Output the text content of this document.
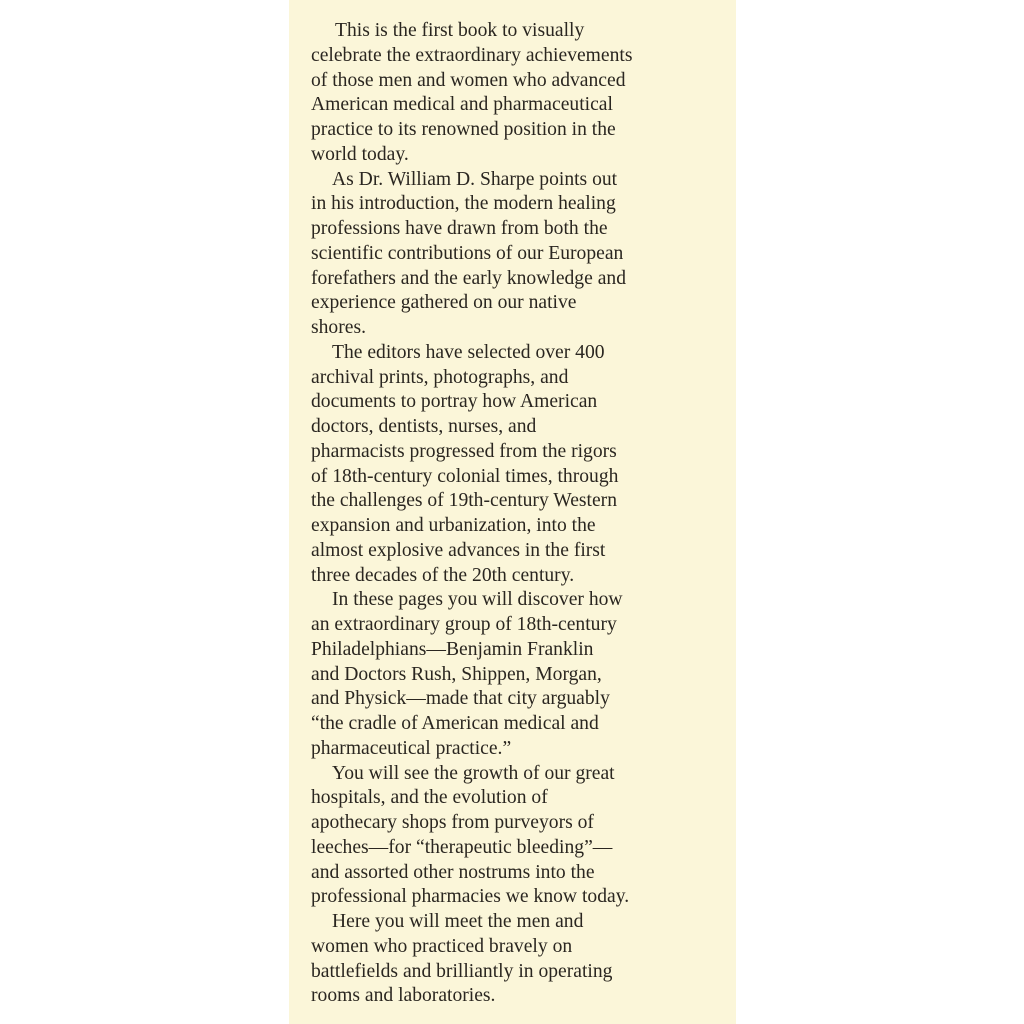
This is the first book to visually
celebrate the extraordinary achievements
of those men and women who advanced
American medical and pharmaceutical
practice to its renowned position in the
world today.

As Dr. William D. Sharpe points out
in his introduction, the modern healing
professions have drawn from both the
scientific contributions of our European
forefathers and the early knowledge and
experience gathered on our native
shores.

The editors have selected over 400
archival prints, photographs, and
documents to portray how American
doctors, dentists, nurses, and
pharmacists progressed from the rigors
of 18th-century colonial times, through
the challenges of 19th-century Western
expansion and urbanization, into the
almost explosive advances in the first
three decades of the 20th century.

In these pages you will discover how
an extraordinary group of 18th-century
Philadelphians—Benjamin Franklin
and Doctors Rush, Shippen, Morgan,
and Physick—made that city arguably
“the cradle of American medical and
pharmaceutical practice.”

You will see the growth of our great
hospitals, and the evolution of
apothecary shops from purveyors of
leeches—for “therapeutic bleeding”—
and assorted other nostrums into the
professional pharmacies we know today.

Here you will meet the men and
women who practiced bravely on
battlefields and brilliantly in operating
rooms and laboratories.
